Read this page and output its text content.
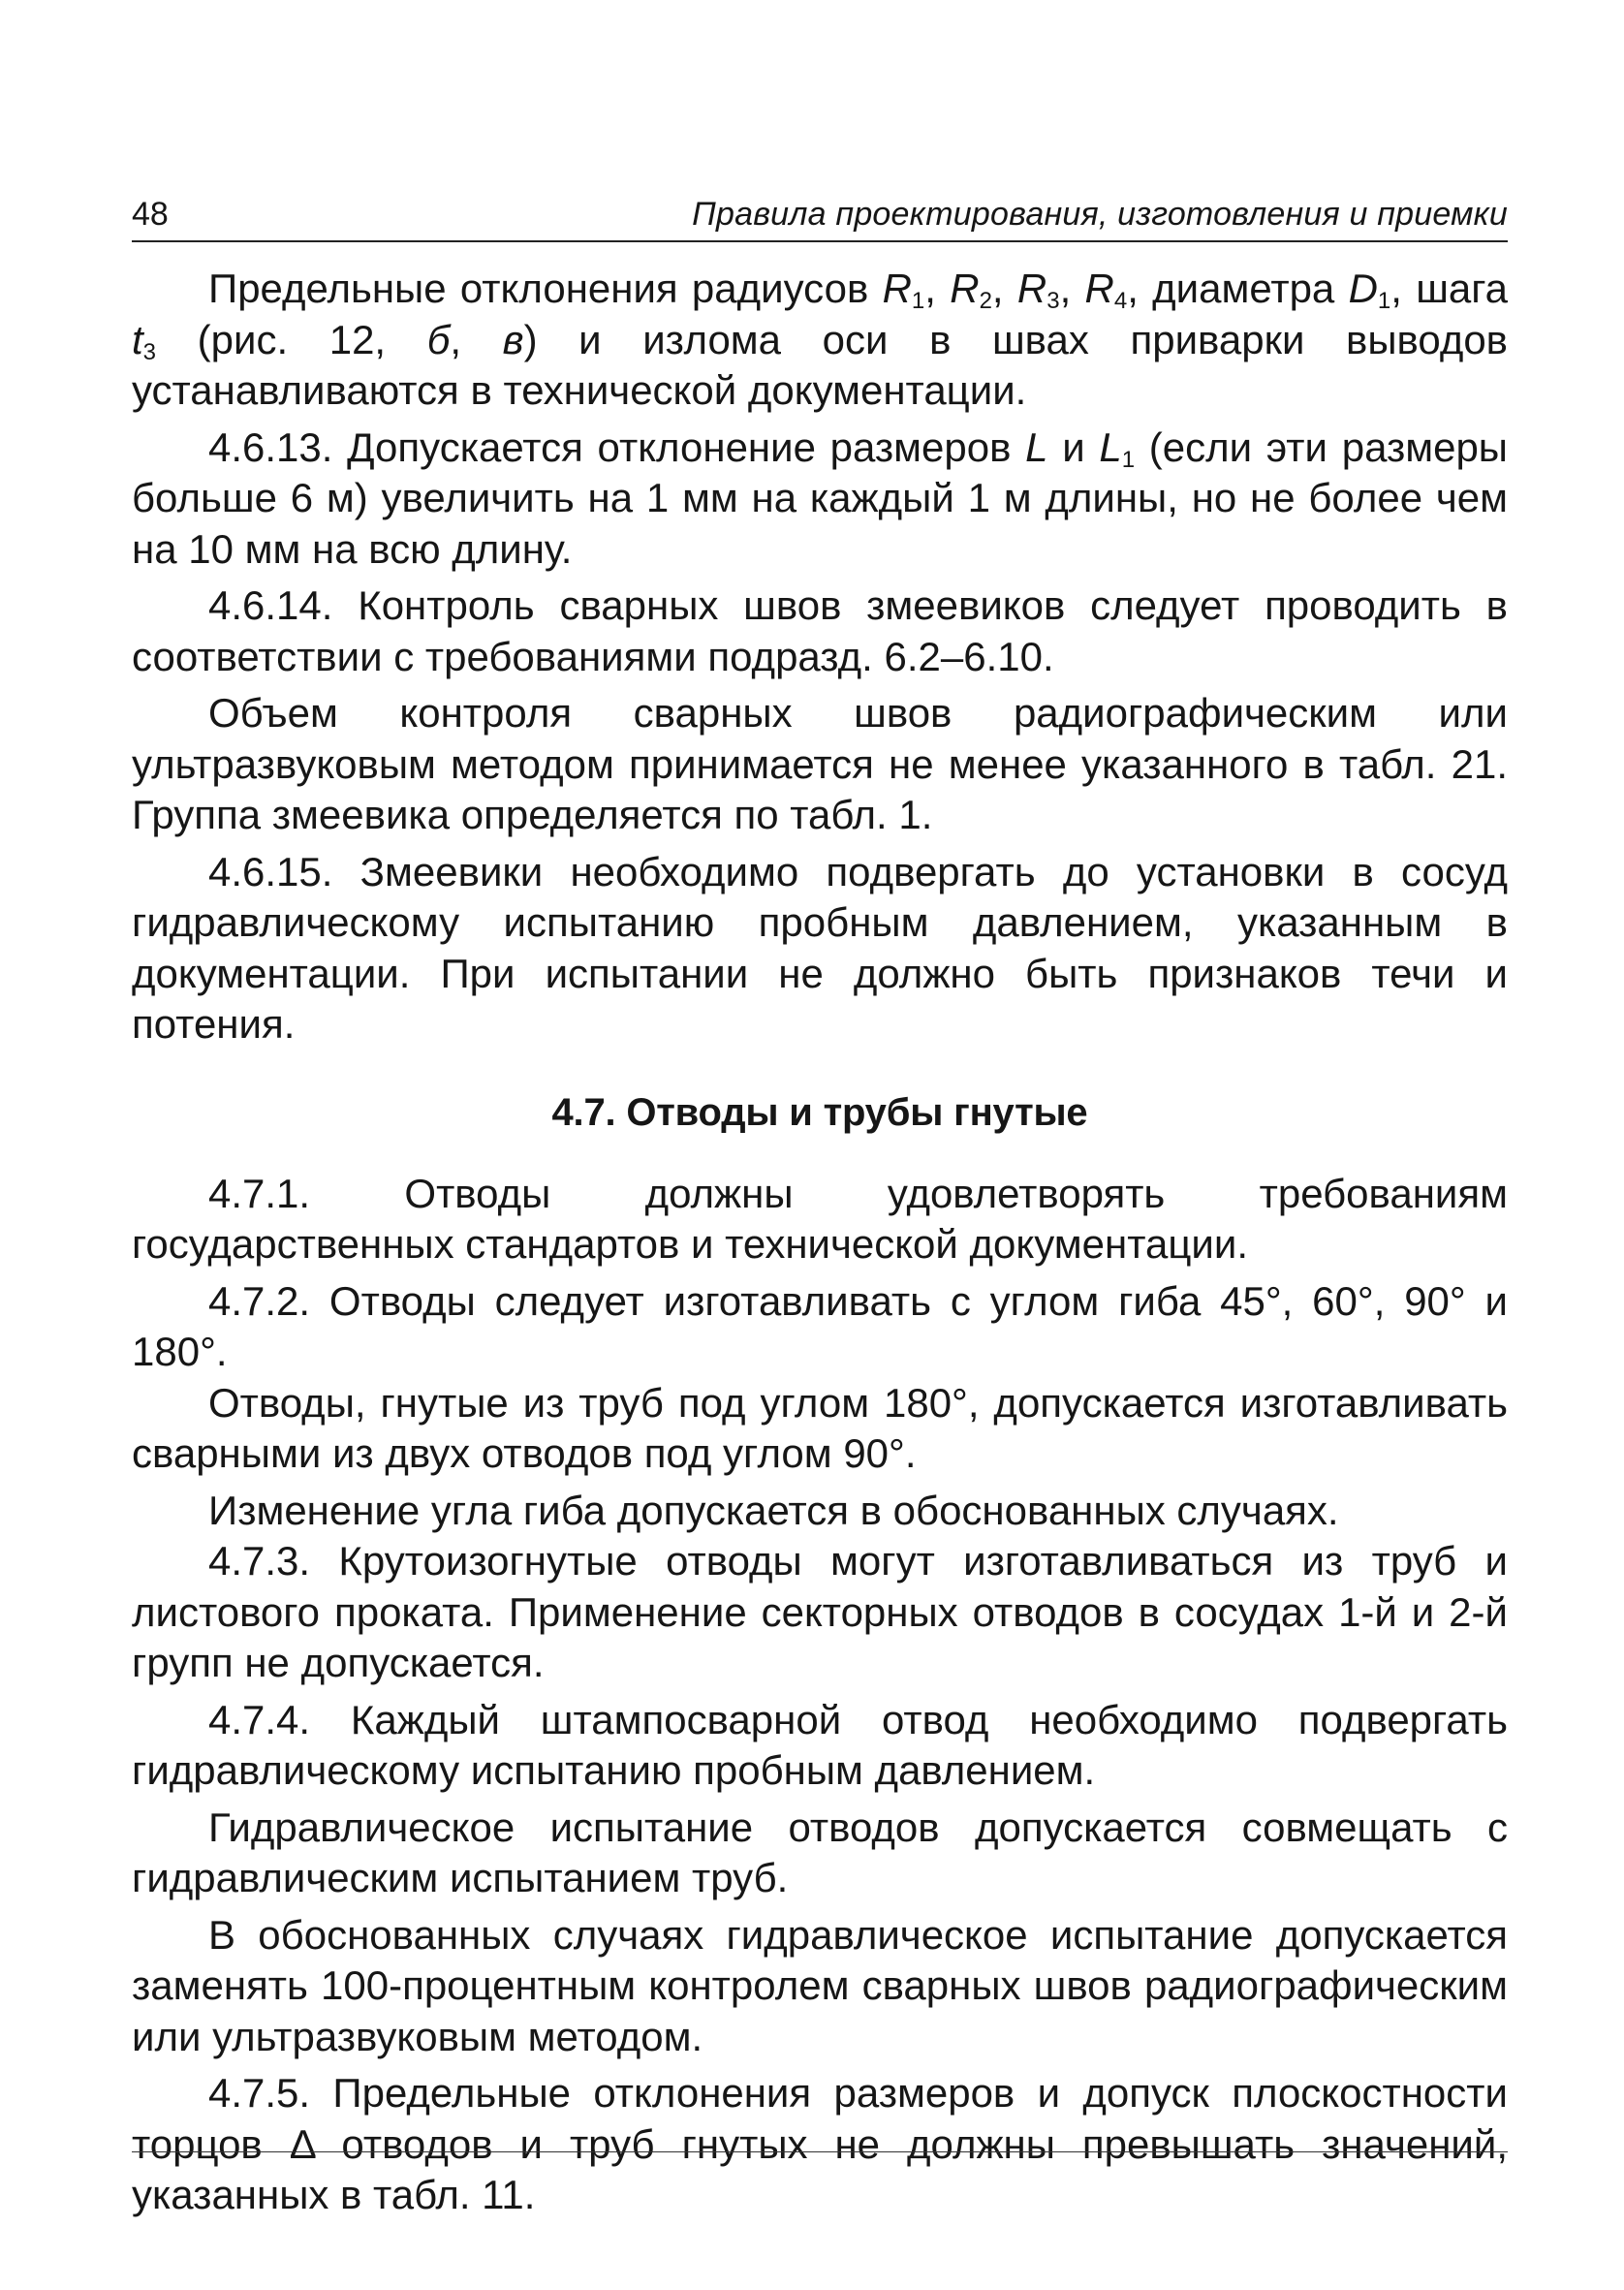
48	Правила проектирования, изготовления и приемки

Предельные отклонения радиусов $R_1$, $R_2$, $R_3$, $R_4$, диаметра $D_1$, шага $t_3$ (рис. 12, б, в) и излома оси в швах приварки выводов устанавливаются в технической документации.

4.6.13. Допускается отклонение размеров L и $L_1$ (если эти размеры больше 6 м) увеличить на 1 мм на каждый 1 м длины, но не более чем на 10 мм на всю длину.

4.6.14. Контроль сварных швов змеевиков следует проводить в соответствии с требованиями подразд. 6.2–6.10.

Объем контроля сварных швов радиографическим или ультразвуковым методом принимается не менее указанного в табл. 21. Группа змеевика определяется по табл. 1.

4.6.15. Змеевики необходимо подвергать до установки в сосуд гидравлическому испытанию пробным давлением, указанным в документации. При испытании не должно быть признаков течи и потения.

4.7. Отводы и трубы гнутые

4.7.1. Отводы должны удовлетворять требованиям государственных стандартов и технической документации.

4.7.2. Отводы следует изготавливать с углом гиба 45°, 60°, 90° и 180°.

Отводы, гнутые из труб под углом 180°, допускается изготавливать сварными из двух отводов под углом 90°.

Изменение угла гиба допускается в обоснованных случаях.

4.7.3. Крутоизогнутые отводы могут изготавливаться из труб и листового проката. Применение секторных отводов в сосудах 1-й и 2-й групп не допускается.

4.7.4. Каждый штампосварной отвод необходимо подвергать гидравлическому испытанию пробным давлением.

Гидравлическое испытание отводов допускается совмещать с гидравлическим испытанием труб.

В обоснованных случаях гидравлическое испытание допускается заменять 100-процентным контролем сварных швов радиографическим или ультразвуковым методом.

4.7.5. Предельные отклонения размеров и допуск плоскостности торцов Δ отводов и труб гнутых не должны превышать значений, указанных в табл. 11.
